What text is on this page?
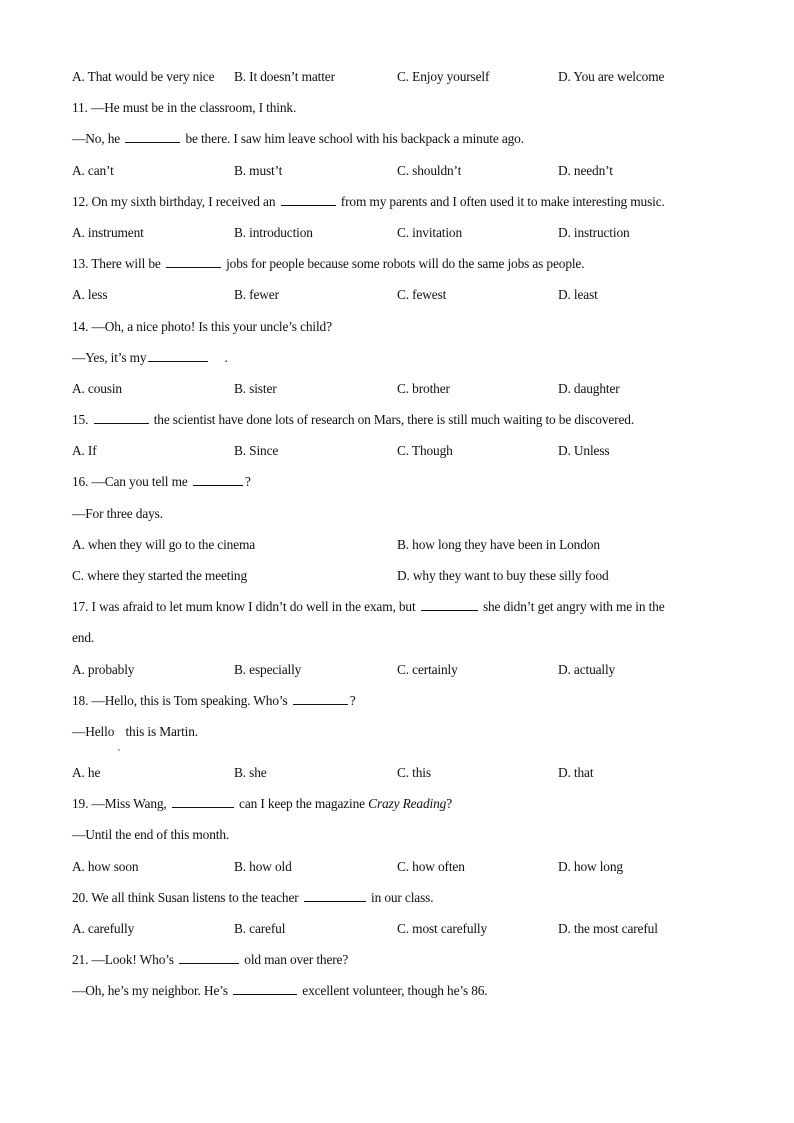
A. That would be very nice B. It doesn’t matter	C. Enjoy yourself	D. You are welcome
11. —He must be in the classroom, I think.
—No, he	be there. I saw him leave school with his backpack a minute ago.
A. can’t	B. must’t	C. shouldn’t	D. needn’t
12. On my sixth birthday, I received an	from my parents and I often used it to make interesting music.
A. instrument	B. introduction	C. invitation	D. instruction
13. There will be	jobs for people because some robots will do the same jobs as people.
A. less	B. fewer	C. fewest	D. least
14. —Oh, a nice photo! Is this your uncle’s child?
—Yes, it’s my	.
A. cousin	B. sister	C. brother	D. daughter
15.	the scientist have done lots of research on Mars, there is still much waiting to be discovered.
A. If	B. Since	C. Though	D. Unless
16. —Can you tell me	?
—For three days.
A. when they will go to the cinema	B. how long they have been in London
C. where they started the meeting	D. why they want to buy these silly food
17. I was afraid to let mum know I didn’t do well in the exam, but	she didn’t get angry with me in the
end.
A. probably	B. especially	C. certainly	D. actually
18. —Hello, this is Tom speaking. Who’s	?
—Hello
,
this is Martin.
A. he	B. she	C. this	D. that
19. —Miss Wang,	can I keep the magazine Crazy Reading?
—Until the end of this month.
A. how soon	B. how old	C. how often	D. how long
20. We all think Susan listens to the teacher	in our class.
A. carefully	B. careful	C. most carefully	D. the most careful
21. —Look! Who’s	old man over there?
—Oh, he’s my neighbor. He’s	excellent volunteer, though he’s 86.
